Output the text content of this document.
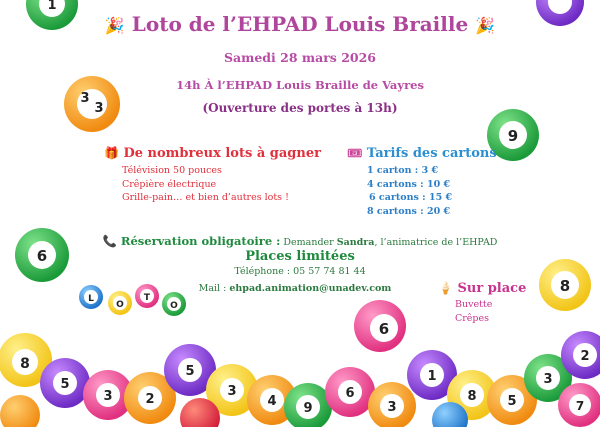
1
3
3
9
6
8
6
L
O
T
O
8
5
3	2
5
3
4 9
6
3
1
8 5
3
2
7
🎉 Loto de l’EHPAD Louis Braille 🎉
Samedi 28 mars 2026
14h À l’EHPAD Louis Braille de Vayres
(Ouverture des portes à 13h)
🎁 De nombreux lots à gagner
Télévision 50 pouces
Crêpière électrique
Grille-pain… et bien d’autres lots !
🎟 Tarifs des cartons
1 carton : 3 €
4 cartons : 10 €
6 cartons : 15 €
8 cartons : 20 €
📞 Réservation obligatoire : Demander Sandra, l’animatrice de l’EHPAD
Places limitées
Téléphone : 05 57 74 81 44
Mail : ehpad.animation@unadev.com	🍦 Sur place
Buvette
Crêpes
